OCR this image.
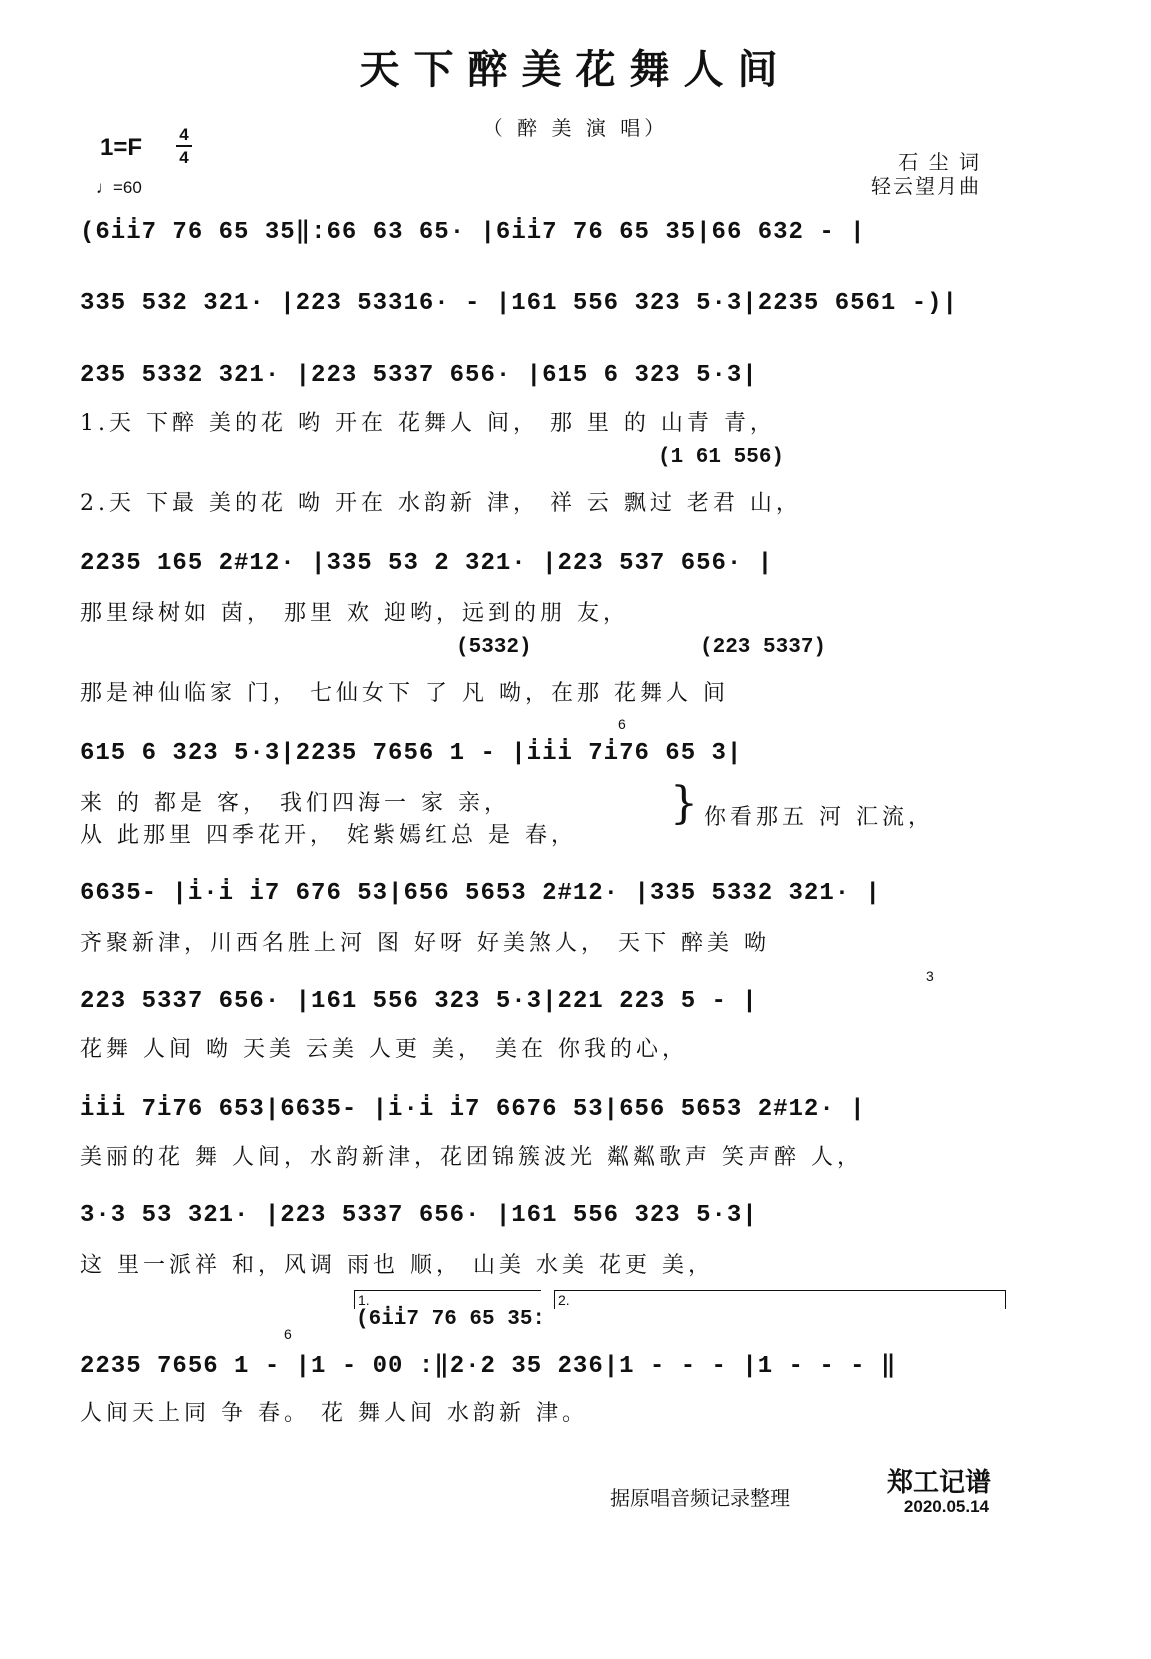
天下醉美花舞人间
（ 醉 美 演 唱）
1=F 4
4
♩=60
石 尘 词
轻云望月曲
(6i̇i̇7 76 65 35‖:66 63 65· |6i̇i̇7 76 65 35|66 632 - |
335 532 321· |223 53316· - |161 556 323 5·3|2235 6561 -)|
235 5332 321· |223 5337 656· |615 6 323 5·3|
1.天 下醉 美的花 哟 开在 花舞人 间， 那 里 的 山青 青，
(1 61 556)
2.天 下最 美的花 呦 开在 水韵新 津， 祥 云 飘过 老君 山，
2235 165 2#12· |335 53 2 321· |223 537 656· |
那里绿树如 茵， 那里 欢 迎哟，远到的朋 友，
(5332)	(223 5337)
那是神仙临家 门， 七仙女下 了 凡 呦，在那 花舞人 间
6
615 6 323 5·3|2235 7656 1 - |i̇i̇i̇ 7i̇76 65 3|
来 的 都是 客， 我们四海一 家 亲，
从 此那里 四季花开， 姹紫嫣红总 是 春，
} 你看那五 河 汇流，
6635- |i̇·i̇ i̇7 676 53|656 5653 2#12· |335 5332 321· |
齐聚新津，川西名胜上河 图 好呀 好美煞人， 天下 醉美 呦
3
223 5337 656· |161 556 323 5·3|221 223 5 - |
花舞 人间 呦 天美 云美 人更 美， 美在 你我的心，
i̇i̇i̇ 7i̇76 653|6635- |i̇·i̇ i̇7 6676 53|656 5653 2#12· |
美丽的花 舞 人间，水韵新津，花团锦簇波光 粼粼歌声 笑声醉 人，
3·3 53 321· |223 5337 656· |161 556 323 5·3|
这 里一派祥 和，风调 雨也 顺， 山美 水美 花更 美，
1.	2.
(6i̇i̇7 76 65 35:
6
2235 7656 1 - |1 - 00 :‖2·2 35 236|1 - - - |1 - - - ‖
人间天上同 争 春。 花 舞人间 水韵新 津。
据原唱音频记录整理	郑工记谱
2020.05.14
